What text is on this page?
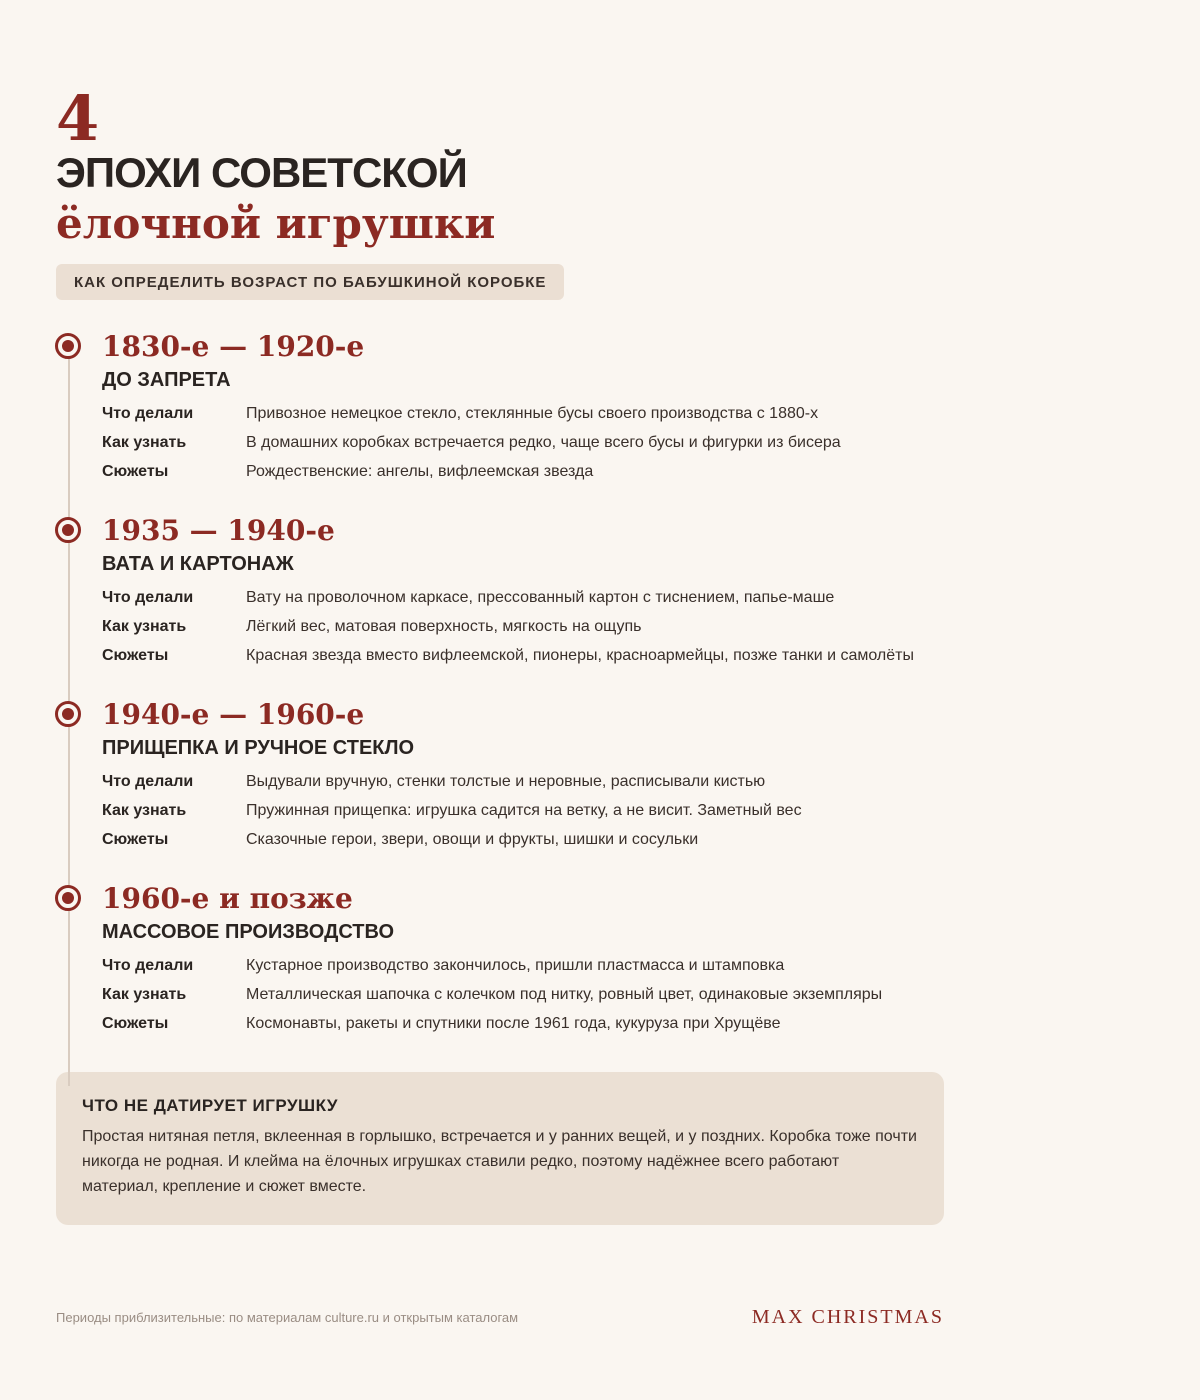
4
ЭПОХИ СОВЕТСКОЙ
ёлочной игрушки
КАК ОПРЕДЕЛИТЬ ВОЗРАСТ ПО БАБУШКИНОЙ КОРОБКЕ
1830-е — 1920-е
ДО ЗАПРЕТА
Что делали	Привозное немецкое стекло, стеклянные бусы своего производства с 1880-х
Как узнать	В домашних коробках встречается редко, чаще всего бусы и фигурки из бисера
Сюжеты	Рождественские: ангелы, вифлеемская звезда
1935 — 1940-е
ВАТА И КАРТОНАЖ
Что делали	Вату на проволочном каркасе, прессованный картон с тиснением, папье-маше
Как узнать	Лёгкий вес, матовая поверхность, мягкость на ощупь
Сюжеты	Красная звезда вместо вифлеемской, пионеры, красноармейцы, позже танки и самолёты
1940-е — 1960-е
ПРИЩЕПКА И РУЧНОЕ СТЕКЛО
Что делали	Выдували вручную, стенки толстые и неровные, расписывали кистью
Как узнать	Пружинная прищепка: игрушка садится на ветку, а не висит. Заметный вес
Сюжеты	Сказочные герои, звери, овощи и фрукты, шишки и сосульки
1960-е и позже
МАССОВОЕ ПРОИЗВОДСТВО
Что делали	Кустарное производство закончилось, пришли пластмасса и штамповка
Как узнать	Металлическая шапочка с колечком под нитку, ровный цвет, одинаковые экземпляры
Сюжеты	Космонавты, ракеты и спутники после 1961 года, кукуруза при Хрущёве
ЧТО НЕ ДАТИРУЕТ ИГРУШКУ
Простая нитяная петля, вклеенная в горлышко, встречается и у ранних вещей, и у поздних. Коробка тоже почти никогда не родная. И клейма на ёлочных игрушках ставили редко, поэтому надёжнее всего работают материал, крепление и сюжет вместе.
Периоды приблизительные: по материалам culture.ru и открытым каталогам	MAX CHRISTMAS
